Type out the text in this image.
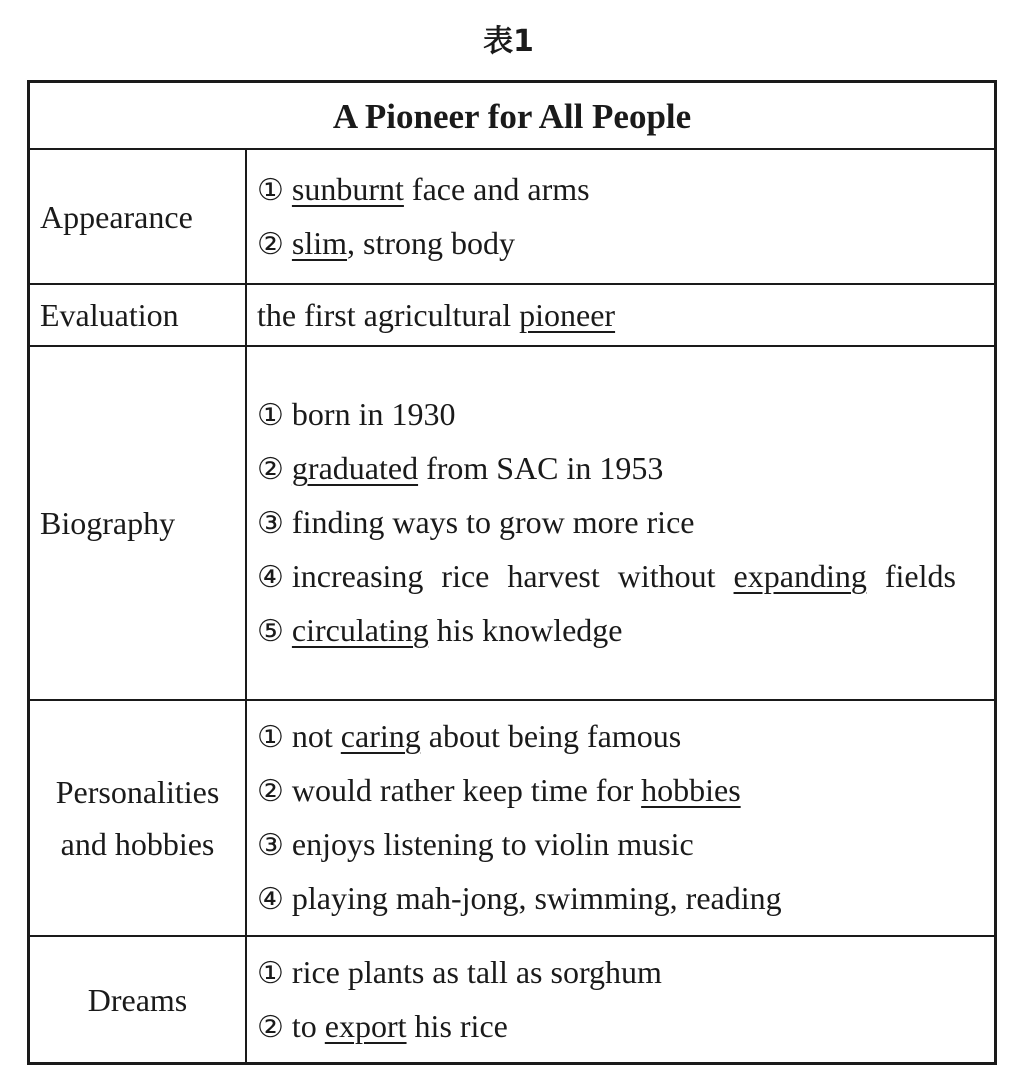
表1
A Pioneer for All People
Appearance
① sunburnt face and arms
② slim, strong body
Evaluation	the first agricultural pioneer
Biography
① born in 1930
② graduated from SAC in 1953
③ finding ways to grow more rice
④ increasing rice harvest without expanding fields
⑤ circulating his knowledge
Personalities
and hobbies
① not caring about being famous
② would rather keep time for hobbies
③ enjoys listening to violin music
④ playing mah-jong, swimming, reading
Dreams
① rice plants as tall as sorghum
② to export his rice
